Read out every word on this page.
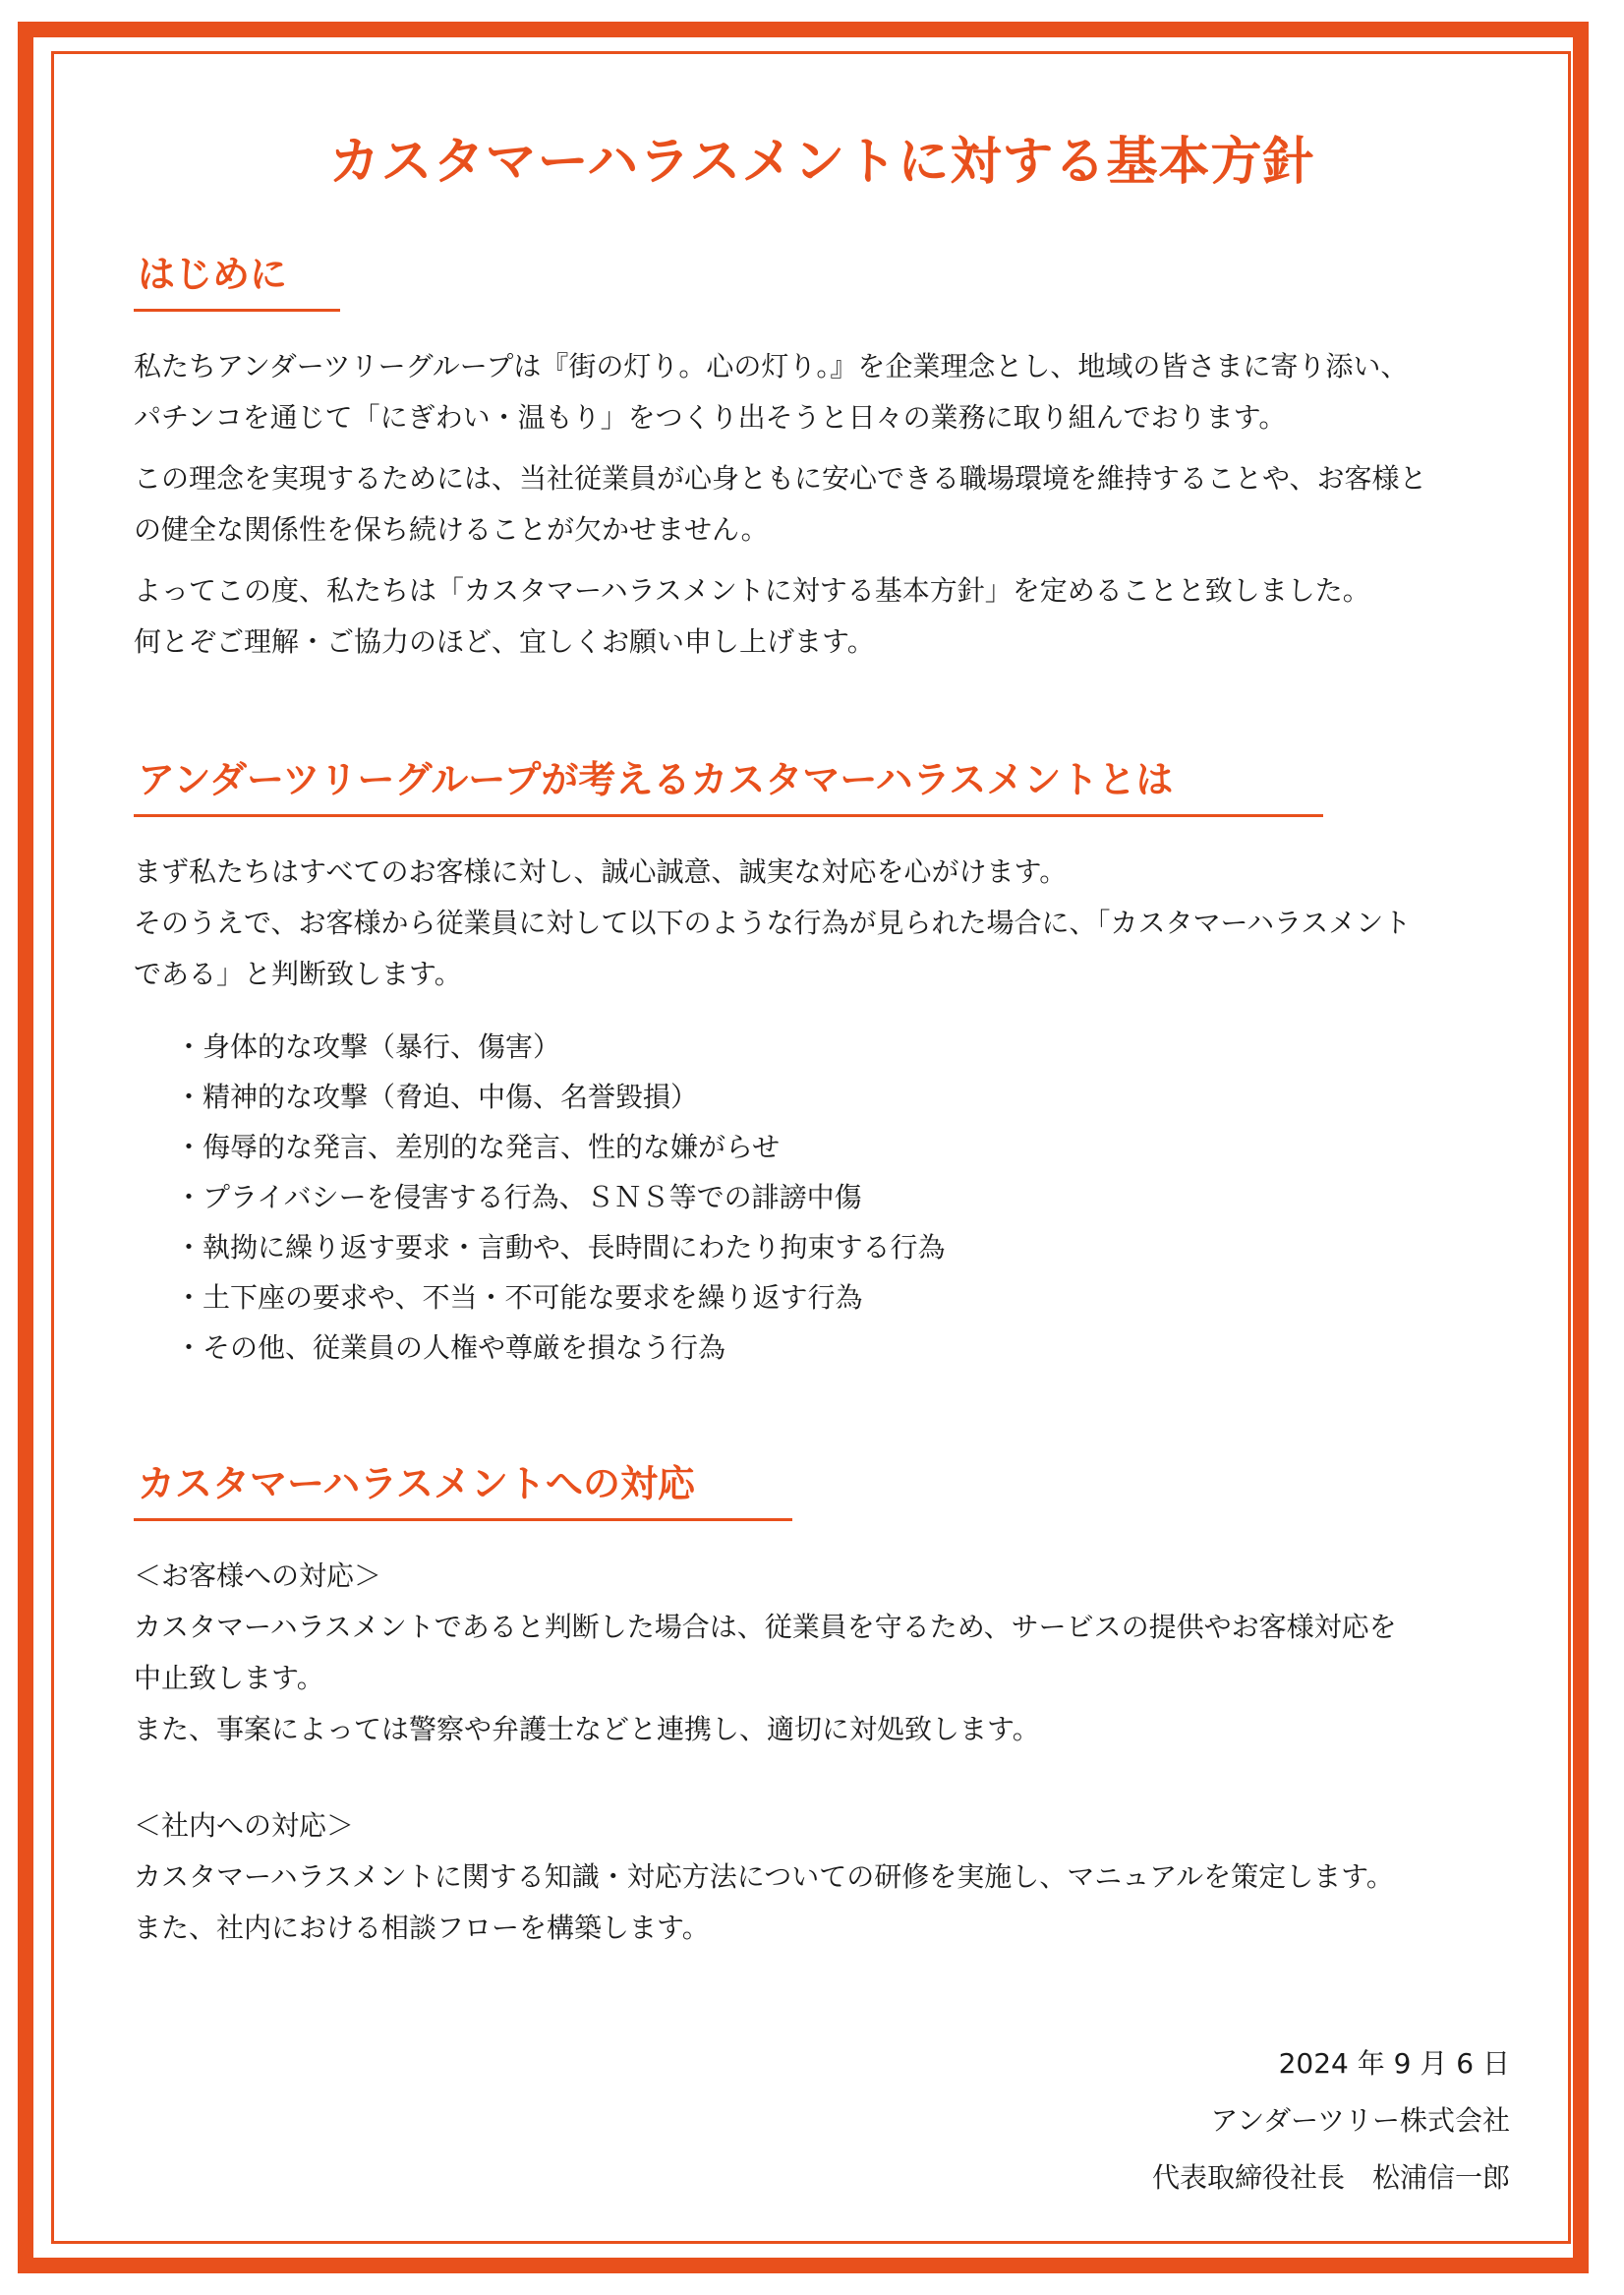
カスタマーハラスメントに対する基本方針
はじめに

私たちアンダーツリーグループは『街の灯り。心の灯り。』を企業理念とし、地域の皆さまに寄り添い、
パチンコを通じて「にぎわい・温もり」をつくり出そうと日々の業務に取り組んでおります。

この理念を実現するためには、当社従業員が心身ともに安心できる職場環境を維持することや、お客様と
の健全な関係性を保ち続けることが欠かせません。

よってこの度、私たちは「カスタマーハラスメントに対する基本方針」を定めることと致しました。
何とぞご理解・ご協力のほど、宜しくお願い申し上げます。

アンダーツリーグループが考えるカスタマーハラスメントとは

まず私たちはすべてのお客様に対し、誠心誠意、誠実な対応を心がけます。
そのうえで、お客様から従業員に対して以下のような行為が見られた場合に、「カスタマーハラスメント
である」と判断致します。

・ 身体的な攻撃（暴行、傷害）
・ 精神的な攻撃（脅迫、中傷、名誉毀損）
・ 侮辱的な発言、差別的な発言、性的な嫌がらせ
・ プライバシーを侵害する行為、ＳＮＳ等での誹謗中傷
・ 執拗に繰り返す要求・言動や、長時間にわたり拘束する行為
・ 土下座の要求や、不当・不可能な要求を繰り返す行為
・ その他、従業員の人権や尊厳を損なう行為
カスタマーハラスメントへの対応

＜お客様への対応＞

カスタマーハラスメントであると判断した場合は、従業員を守るため、サービスの提供やお客様対応を

中止致します。

また、事案によっては警察や弁護士などと連携し、適切に対処致します。

＜社内への対応＞

カスタマーハラスメントに関する知識・対応方法についての研修を実施し、マニュアルを策定します。

また、社内における相談フローを構築します。

2024 年 9 月 6 日

アンダーツリー株式会社

代表取締役社長　松浦信一郎
